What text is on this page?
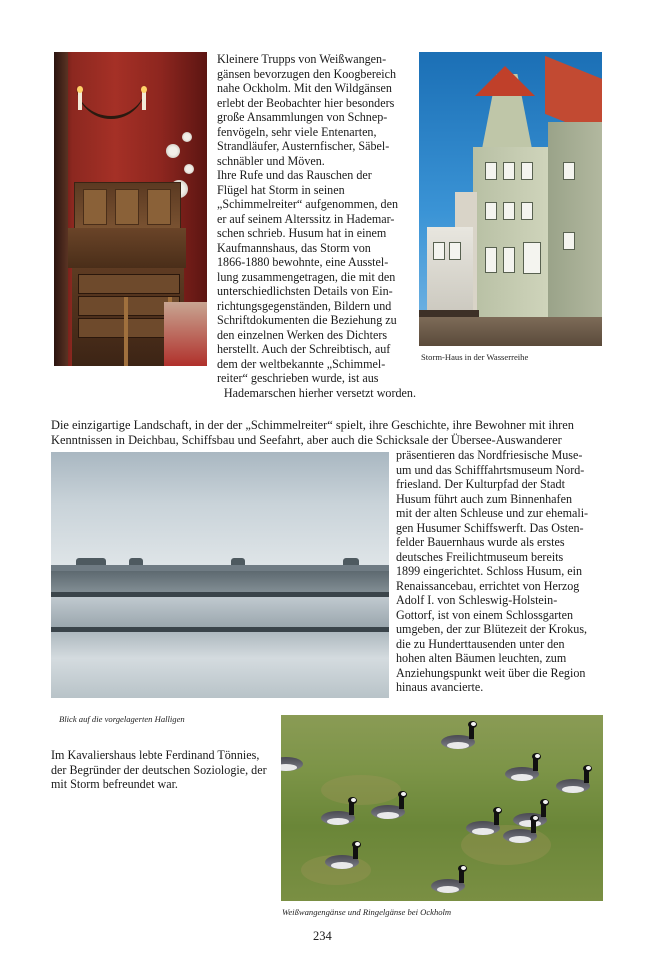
Kleinere Trupps von Weißwangen-
gänsen bevorzugen den Koogbereich
nahe Ockholm. Mit den Wildgänsen
erlebt der Beobachter hier besonders
große Ansammlungen von Schnep-
fenvögeln, sehr viele Entenarten,
Strandläufer, Austernfischer, Säbel-
schnäbler und Möven.
Ihre Rufe und das Rauschen der
Flügel hat Storm in seinen
„Schimmelreiter“ aufgenommen, den
er auf seinem Alterssitz in Hademar-
schen schrieb. Husum hat in einem
Kaufmannshaus, das Storm von
1866-1880 bewohnte, eine Ausstel-
lung zusammengetragen, die mit den
unterschiedlichsten Details von Ein-
richtungsgegenständen, Bildern und
Schriftdokumenten die Beziehung zu
den einzelnen Werken des Dichters
herstellt. Auch der Schreibtisch, auf
dem der weltbekannte „Schimmel-
reiter“ geschrieben wurde, ist aus
Hademarschen hierher versetzt worden.
Storm-Haus in der Wasserreihe
Die einzigartige Landschaft, in der der „Schimmelreiter“ spielt, ihre Geschichte, ihre Bewohner mit ihren
Kenntnissen in Deichbau, Schiffsbau und Seefahrt, aber auch die Schicksale der Übersee-Auswanderer
präsentieren das Nordfriesische Muse-
um und das Schifffahrtsmuseum Nord-
friesland. Der Kulturpfad der Stadt
Husum führt auch zum Binnenhafen
mit der alten Schleuse und zur ehemali-
gen Husumer Schiffswerft. Das Osten-
felder Bauernhaus wurde als erstes
deutsches Freilichtmuseum bereits
1899 eingerichtet. Schloss Husum, ein
Renaissancebau, errichtet von Herzog
Adolf I. von Schleswig-Holstein-
Gottorf, ist von einem Schlossgarten
umgeben, der zur Blütezeit der Krokus,
die zu Hunderttausenden unter den
hohen alten Bäumen leuchten, zum
Anziehungspunkt weit über die Region
hinaus avancierte.
Blick auf die vorgelagerten Halligen
Im Kavaliershaus lebte Ferdinand Tönnies,
der Begründer der deutschen Soziologie, der
mit Storm befreundet war.
Weißwangengänse und Ringelgänse bei Ockholm
234
